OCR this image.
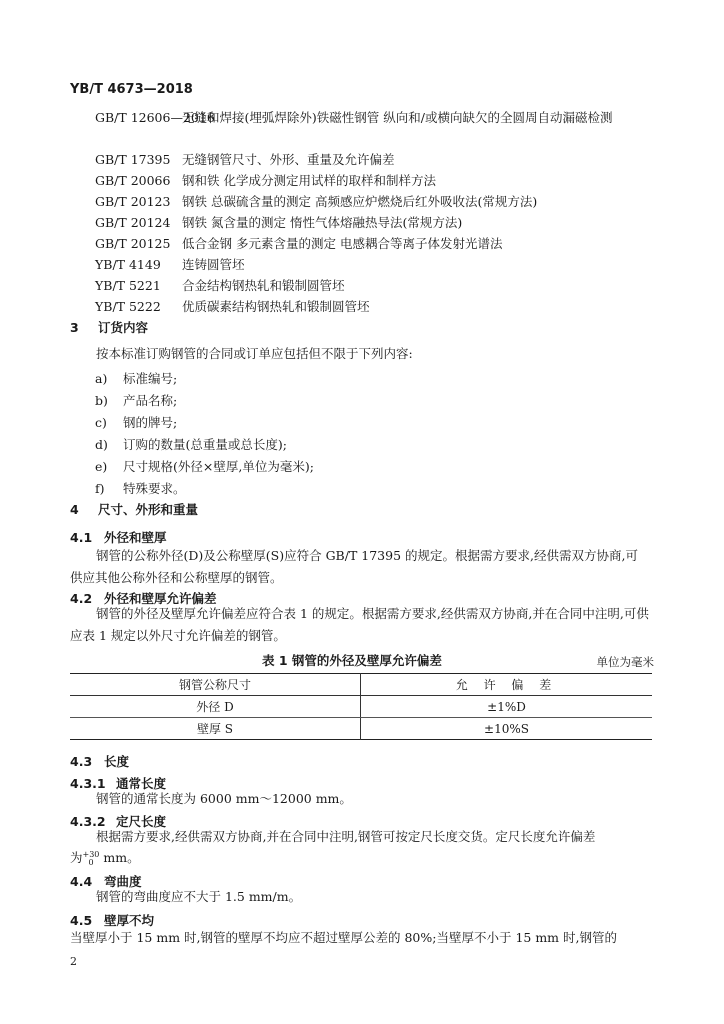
YB/T 4673—2018
GB/T 12606—2016
无缝和焊接(埋弧焊除外)铁磁性钢管 纵向和/或横向缺欠的全圆周自动漏磁检测
GB/T 17395 无缝钢管尺寸、外形、重量及允许偏差
GB/T 20066 钢和铁 化学成分测定用试样的取样和制样方法
GB/T 20123 钢铁 总碳硫含量的测定 高频感应炉燃烧后红外吸收法(常规方法)
GB/T 20124 钢铁 氮含量的测定 惰性气体熔融热导法(常规方法)
GB/T 20125 低合金钢 多元素含量的测定 电感耦合等离子体发射光谱法
YB/T 4149 连铸圆管坯
YB/T 5221 合金结构钢热轧和锻制圆管坯
YB/T 5222 优质碳素结构钢热轧和锻制圆管坯
3 订货内容
按本标准订购钢管的合同或订单应包括但不限于下列内容:
a) 标准编号;
b) 产品名称;
c) 钢的牌号;
d) 订购的数量(总重量或总长度);
e) 尺寸规格(外径×壁厚,单位为毫米);
f) 特殊要求。
4 尺寸、外形和重量
4.1 外径和壁厚
钢管的公称外径(D)及公称壁厚(S)应符合 GB/T 17395 的规定。根据需方要求,经供需双方协商,可供应其他公称外径和公称壁厚的钢管。
4.2 外径和壁厚允许偏差
钢管的外径及壁厚允许偏差应符合表 1 的规定。根据需方要求,经供需双方协商,并在合同中注明,可供应表 1 规定以外尺寸允许偏差的钢管。
表 1 钢管的外径及壁厚允许偏差	单位为毫米
钢管公称尺寸	允 许 偏 差
外径 D	±1%D
壁厚 S	±10%S
4.3 长度
4.3.1 通常长度
钢管的通常长度为 6000 mm～12000 mm。
4.3.2 定尺长度
根据需方要求,经供需双方协商,并在合同中注明,钢管可按定尺长度交货。定尺长度允许偏差
为 +30
0 mm。
4.4 弯曲度
钢管的弯曲度应不大于 1.5 mm/m。
4.5 壁厚不均
当壁厚小于 15 mm 时,钢管的壁厚不均应不超过壁厚公差的 80%;当壁厚不小于 15 mm 时,钢管的
2
